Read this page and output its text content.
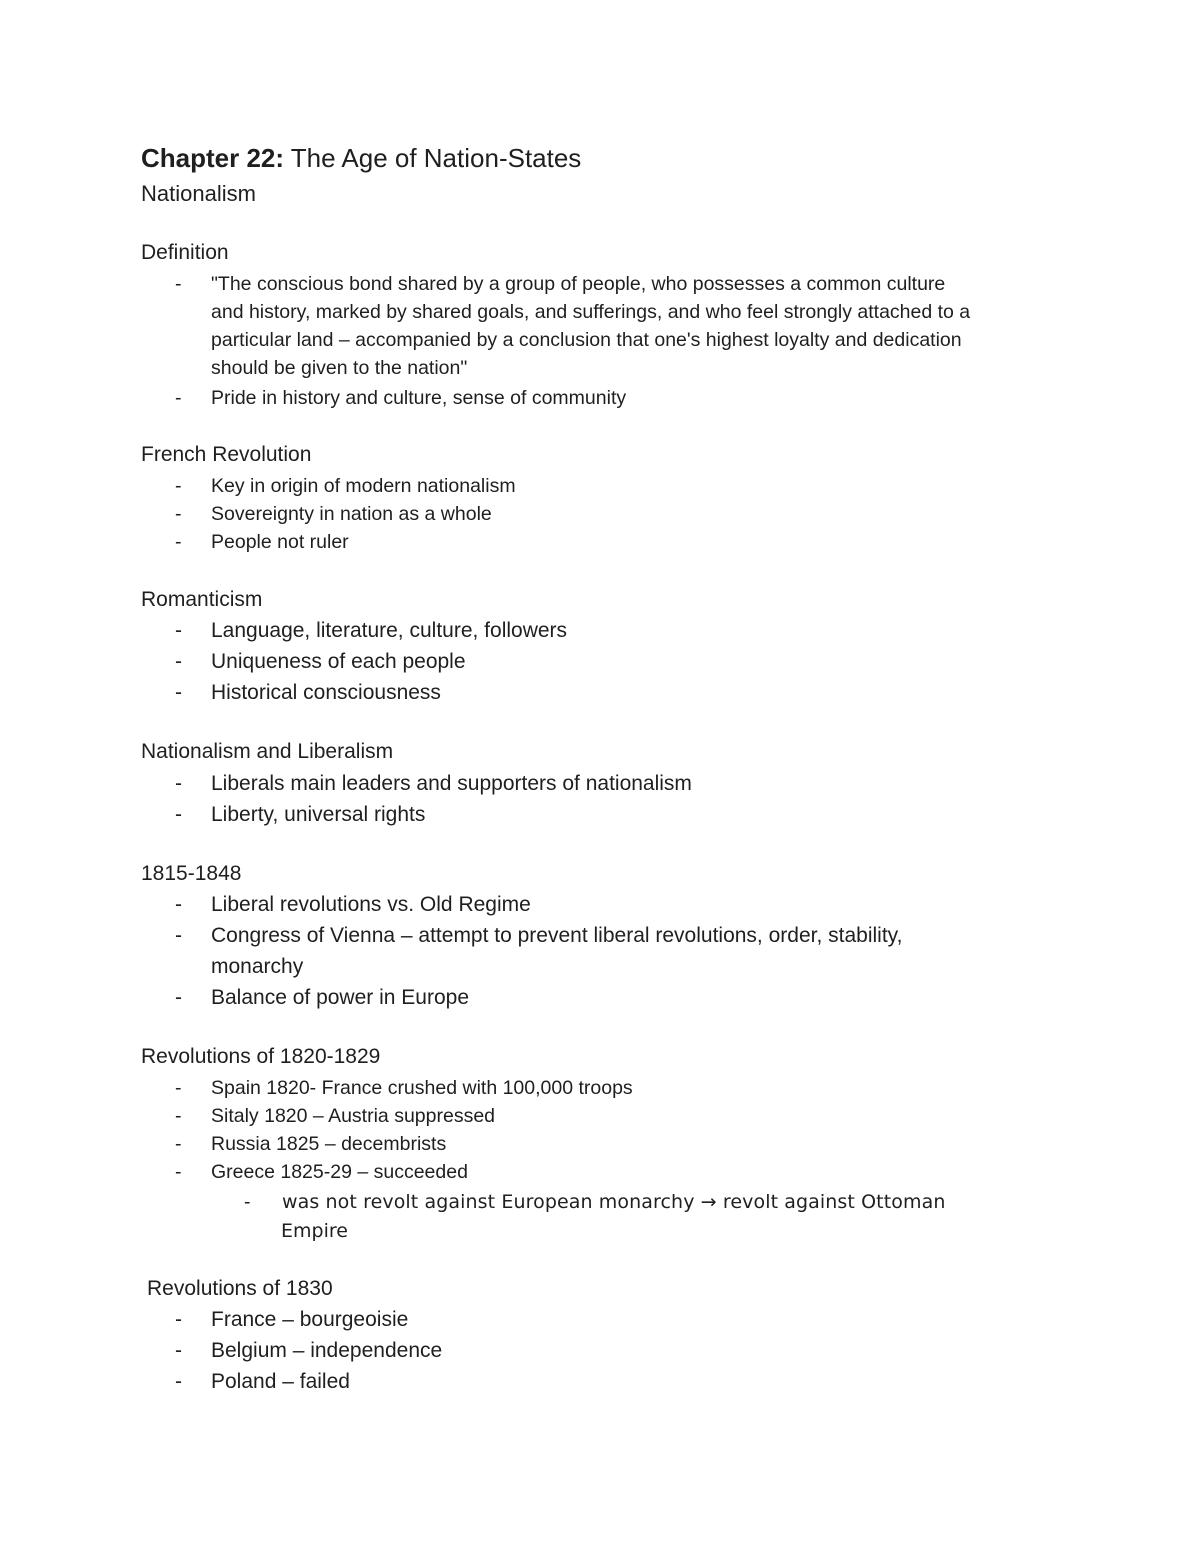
Chapter 22: The Age of Nation-States
Nationalism
Definition
- "The conscious bond shared by a group of people, who possesses a common culture
and history, marked by shared goals, and sufferings, and who feel strongly attached to a
particular land – accompanied by a conclusion that one's highest loyalty and dedication
should be given to the nation"
- Pride in history and culture, sense of community
French Revolution
- Key in origin of modern nationalism
- Sovereignty in nation as a whole
- People not ruler
Romanticism
- Language, literature, culture, followers
- Uniqueness of each people
- Historical consciousness
Nationalism and Liberalism
- Liberals main leaders and supporters of nationalism
- Liberty, universal rights
1815-1848
- Liberal revolutions vs. Old Regime
- Congress of Vienna – attempt to prevent liberal revolutions, order, stability,
monarchy
- Balance of power in Europe
Revolutions of 1820-1829
- Spain 1820- France crushed with 100,000 troops
- Sitaly 1820 – Austria suppressed
- Russia 1825 – decembrists
- Greece 1825-29 – succeeded
- was not revolt against European monarchy → revolt against Ottoman
Empire
Revolutions of 1830
- France – bourgeoisie
- Belgium – independence
- Poland – failed
